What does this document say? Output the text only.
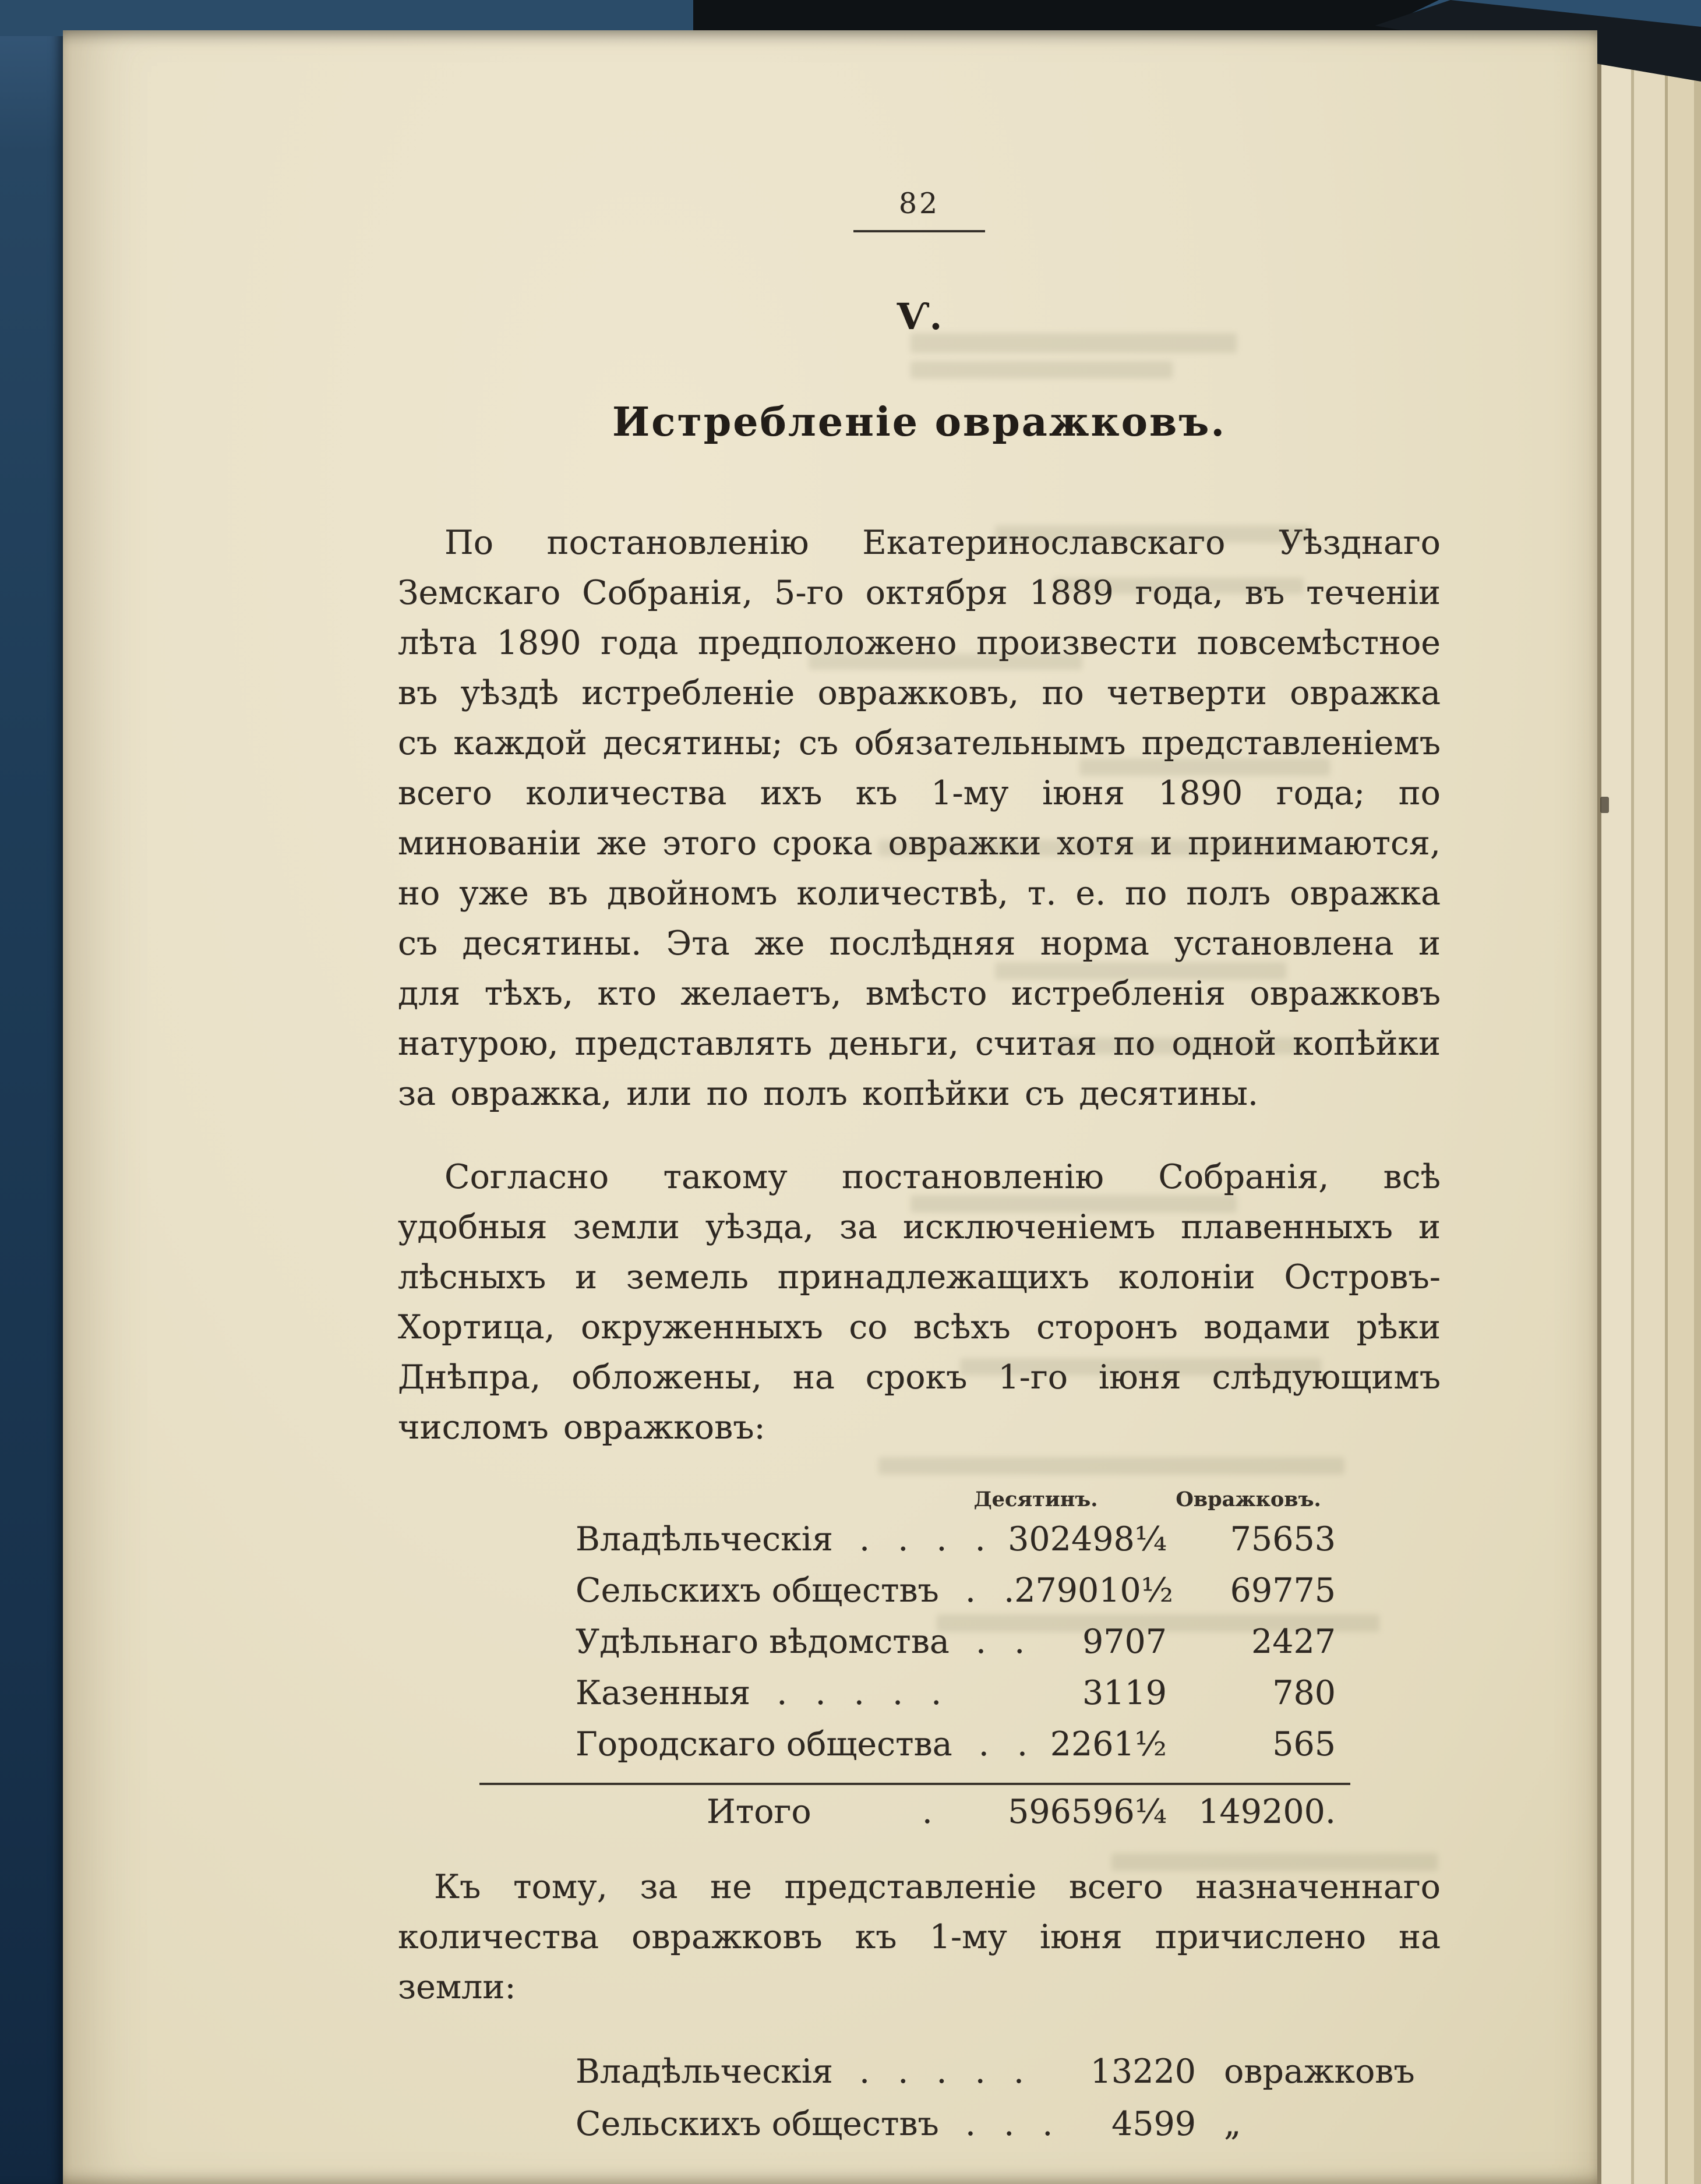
82
Ѵ.
Истребленіе овражковъ.

По постановленію Екатеринославскаго Уѣзднаго Земскаго Собранія, 5-го октября 1889 года, въ теченіи лѣта 1890 года предположено произвести повсемѣстное въ уѣздѣ истребленіе овражковъ, по четверти овражка съ каждой десятины; съ обязательнымъ представленіемъ всего количества ихъ къ 1-му іюня 1890 года; по минованіи же этого срока овражки хотя и принимаются, но уже въ двойномъ количествѣ, т. е. по полъ овражка съ десятины. Эта же послѣдняя норма установлена и для тѣхъ, кто желаетъ, вмѣсто истребленія овражковъ натурою, представлять деньги, считая по одной копѣйки за овражка, или по полъ копѣйки съ десятины.

Согласно такому постановленію Собранія, всѣ удобныя земли уѣзда, за исключеніемъ плавенныхъ и лѣсныхъ и земель принадлежащихъ колоніи Островъ-Хортица, окруженныхъ со всѣхъ сторонъ водами рѣки Днѣпра, обложены, на срокъ 1-го іюня слѣдующимъ числомъ овражковъ:

Десятинъ.	Овражковъ.
Владѣльческія . . . . 302498¼	75653
Сельскихъ обществъ . . 279010½	69775
Удѣльнаго вѣдомства . . 9707	2427
Казенныя . . . . .	3119	780
Городскаго общества . . 2261½	565
Итого	. 596596¼ 149200.

Къ тому, за не представленіе всего назначеннаго количества овражковъ къ 1-му іюня причислено на земли:

Владѣльческія . . . . . 13220 овражковъ
Сельскихъ обществъ . . . 4599 „
